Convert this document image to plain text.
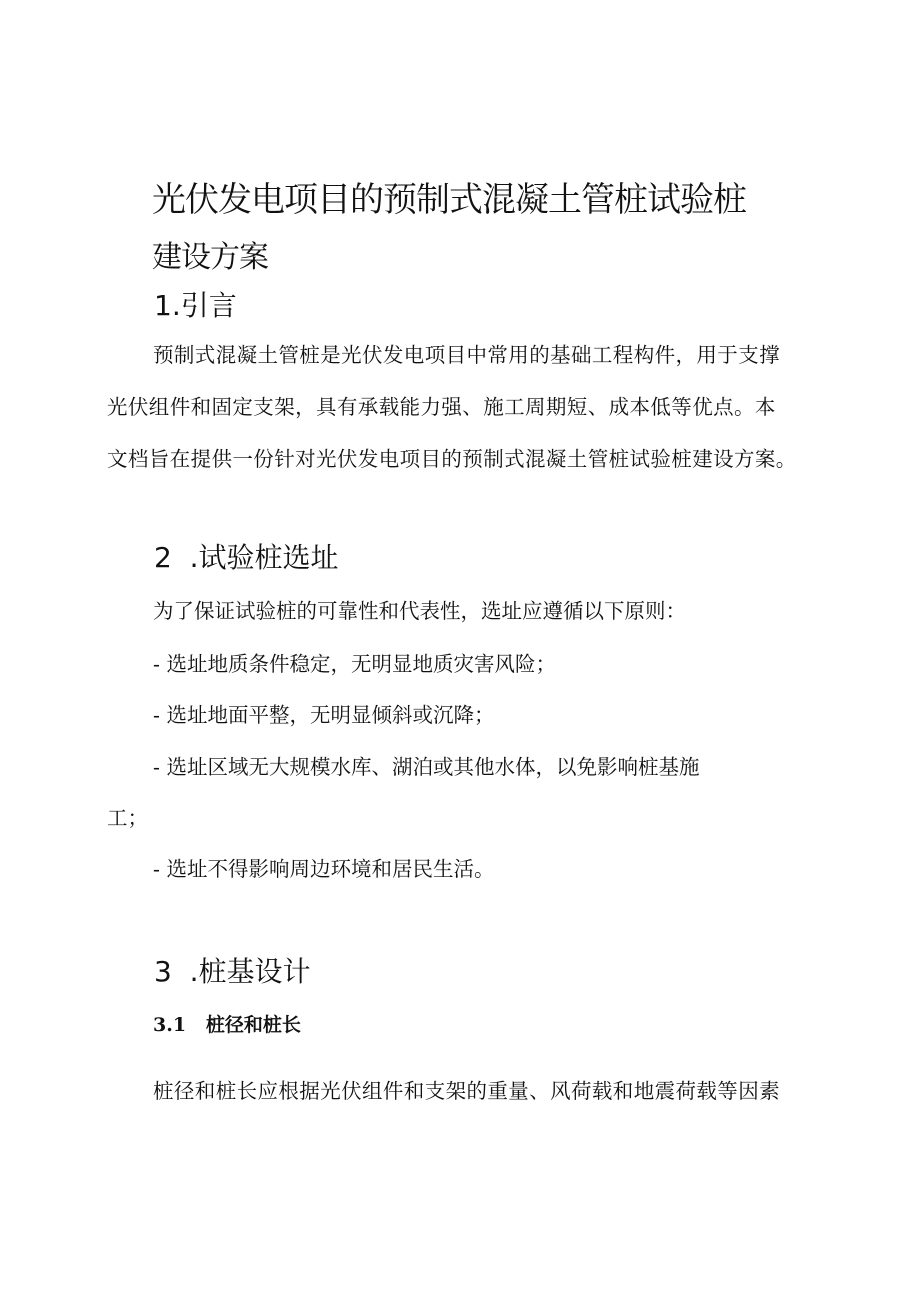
光伏发电项目的预制式混凝土管桩试验桩
建设方案
1.引言
预制式混凝土管桩是光伏发电项目中常用的基础工程构件，用于支撑
光伏组件和固定支架，具有承载能力强、施工周期短、成本低等优点。本
文档旨在提供一份针对光伏发电项目的预制式混凝土管桩试验桩建设方案。
2  .试验桩选址
为了保证试验桩的可靠性和代表性，选址应遵循以下原则：
- 选址地质条件稳定，无明显地质灾害风险；
- 选址地面平整，无明显倾斜或沉降；
- 选址区域无大规模水库、湖泊或其他水体，以免影响桩基施
工；
- 选址不得影响周边环境和居民生活。
3  .桩基设计
3.1   桩径和桩长
桩径和桩长应根据光伏组件和支架的重量、风荷载和地震荷载等因素
